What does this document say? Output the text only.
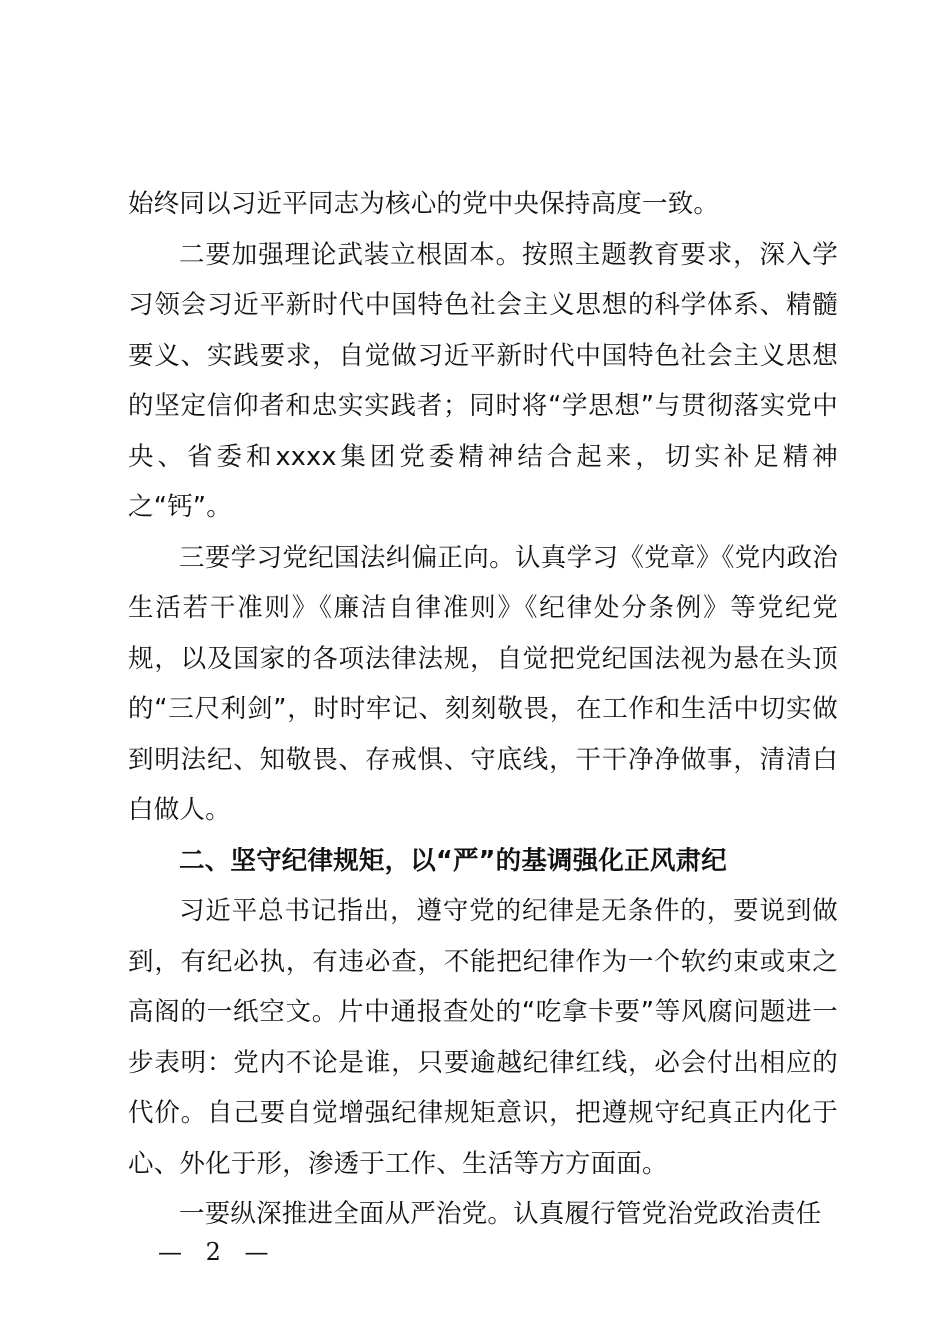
始终同以习近平同志为核心的党中央保持高度一致。

二要加强理论武装立根固本。按照主题教育要求，深入学习领会习近平新时代中国特色社会主义思想的科学体系、精髓要义、实践要求，自觉做习近平新时代中国特色社会主义思想的坚定信仰者和忠实实践者；同时将“学思想”与贯彻落实党中央、省委和xxxx集团党委精神结合起来，切实补足精神之“钙”。

三要学习党纪国法纠偏正向。认真学习《党章》《党内政治生活若干准则》《廉洁自律准则》《纪律处分条例》等党纪党规，以及国家的各项法律法规，自觉把党纪国法视为悬在头顶的“三尺利剑”，时时牢记、刻刻敬畏，在工作和生活中切实做到明法纪、知敬畏、存戒惧、守底线，干干净净做事，清清白白做人。

二、坚守纪律规矩，以“严”的基调强化正风肃纪

习近平总书记指出，遵守党的纪律是无条件的，要说到做到，有纪必执，有违必查，不能把纪律作为一个软约束或束之高阁的一纸空文。片中通报查处的“吃拿卡要”等风腐问题进一步表明：党内不论是谁，只要逾越纪律红线，必会付出相应的代价。自己要自觉增强纪律规矩意识，把遵规守纪真正内化于心、外化于形，渗透于工作、生活等方方面面。

一要纵深推进全面从严治党。认真履行管党治党政治责任

— 2 —
